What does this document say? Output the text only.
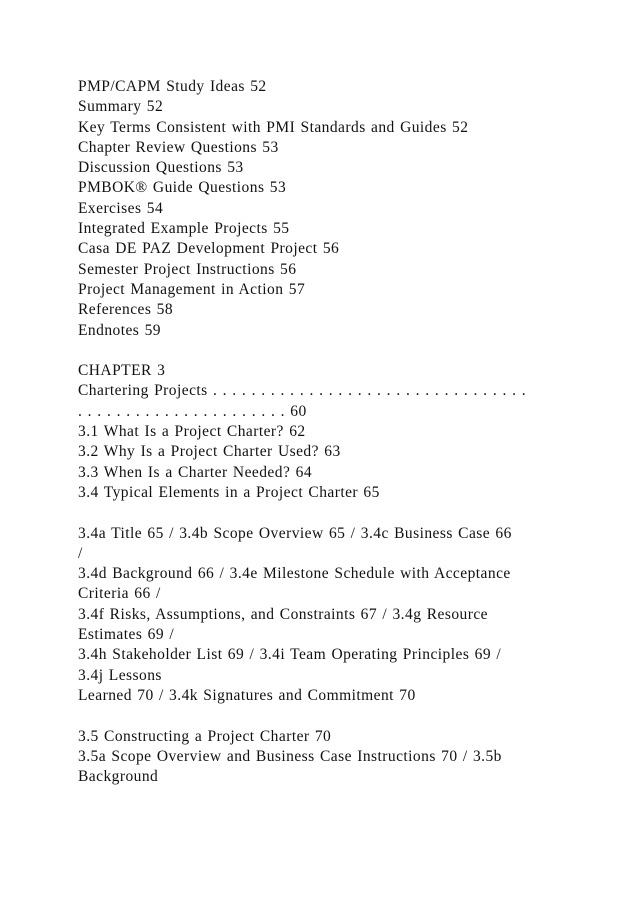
PMP/CAPM Study Ideas 52
Summary 52
Key Terms Consistent with PMI Standards and Guides 52
Chapter Review Questions 53
Discussion Questions 53
PMBOK® Guide Questions 53
Exercises 54
Integrated Example Projects 55
Casa DE PAZ Development Project 56
Semester Project Instructions 56
Project Management in Action 57
References 58
Endnotes 59
CHAPTER 3
Chartering Projects . . . . . . . . . . . . . . . . . . . . . . . . . . . . . . . . .
. . . . . . . . . . . . . . . . . . . . . . 60
3.1 What Is a Project Charter? 62
3.2 Why Is a Project Charter Used? 63
3.3 When Is a Charter Needed? 64
3.4 Typical Elements in a Project Charter 65
3.4a Title 65 / 3.4b Scope Overview 65 / 3.4c Business Case 66
/
3.4d Background 66 / 3.4e Milestone Schedule with Acceptance
Criteria 66 /
3.4f Risks, Assumptions, and Constraints 67 / 3.4g Resource
Estimates 69 /
3.4h Stakeholder List 69 / 3.4i Team Operating Principles 69 /
3.4j Lessons
Learned 70 / 3.4k Signatures and Commitment 70
3.5 Constructing a Project Charter 70
3.5a Scope Overview and Business Case Instructions 70 / 3.5b
Background
